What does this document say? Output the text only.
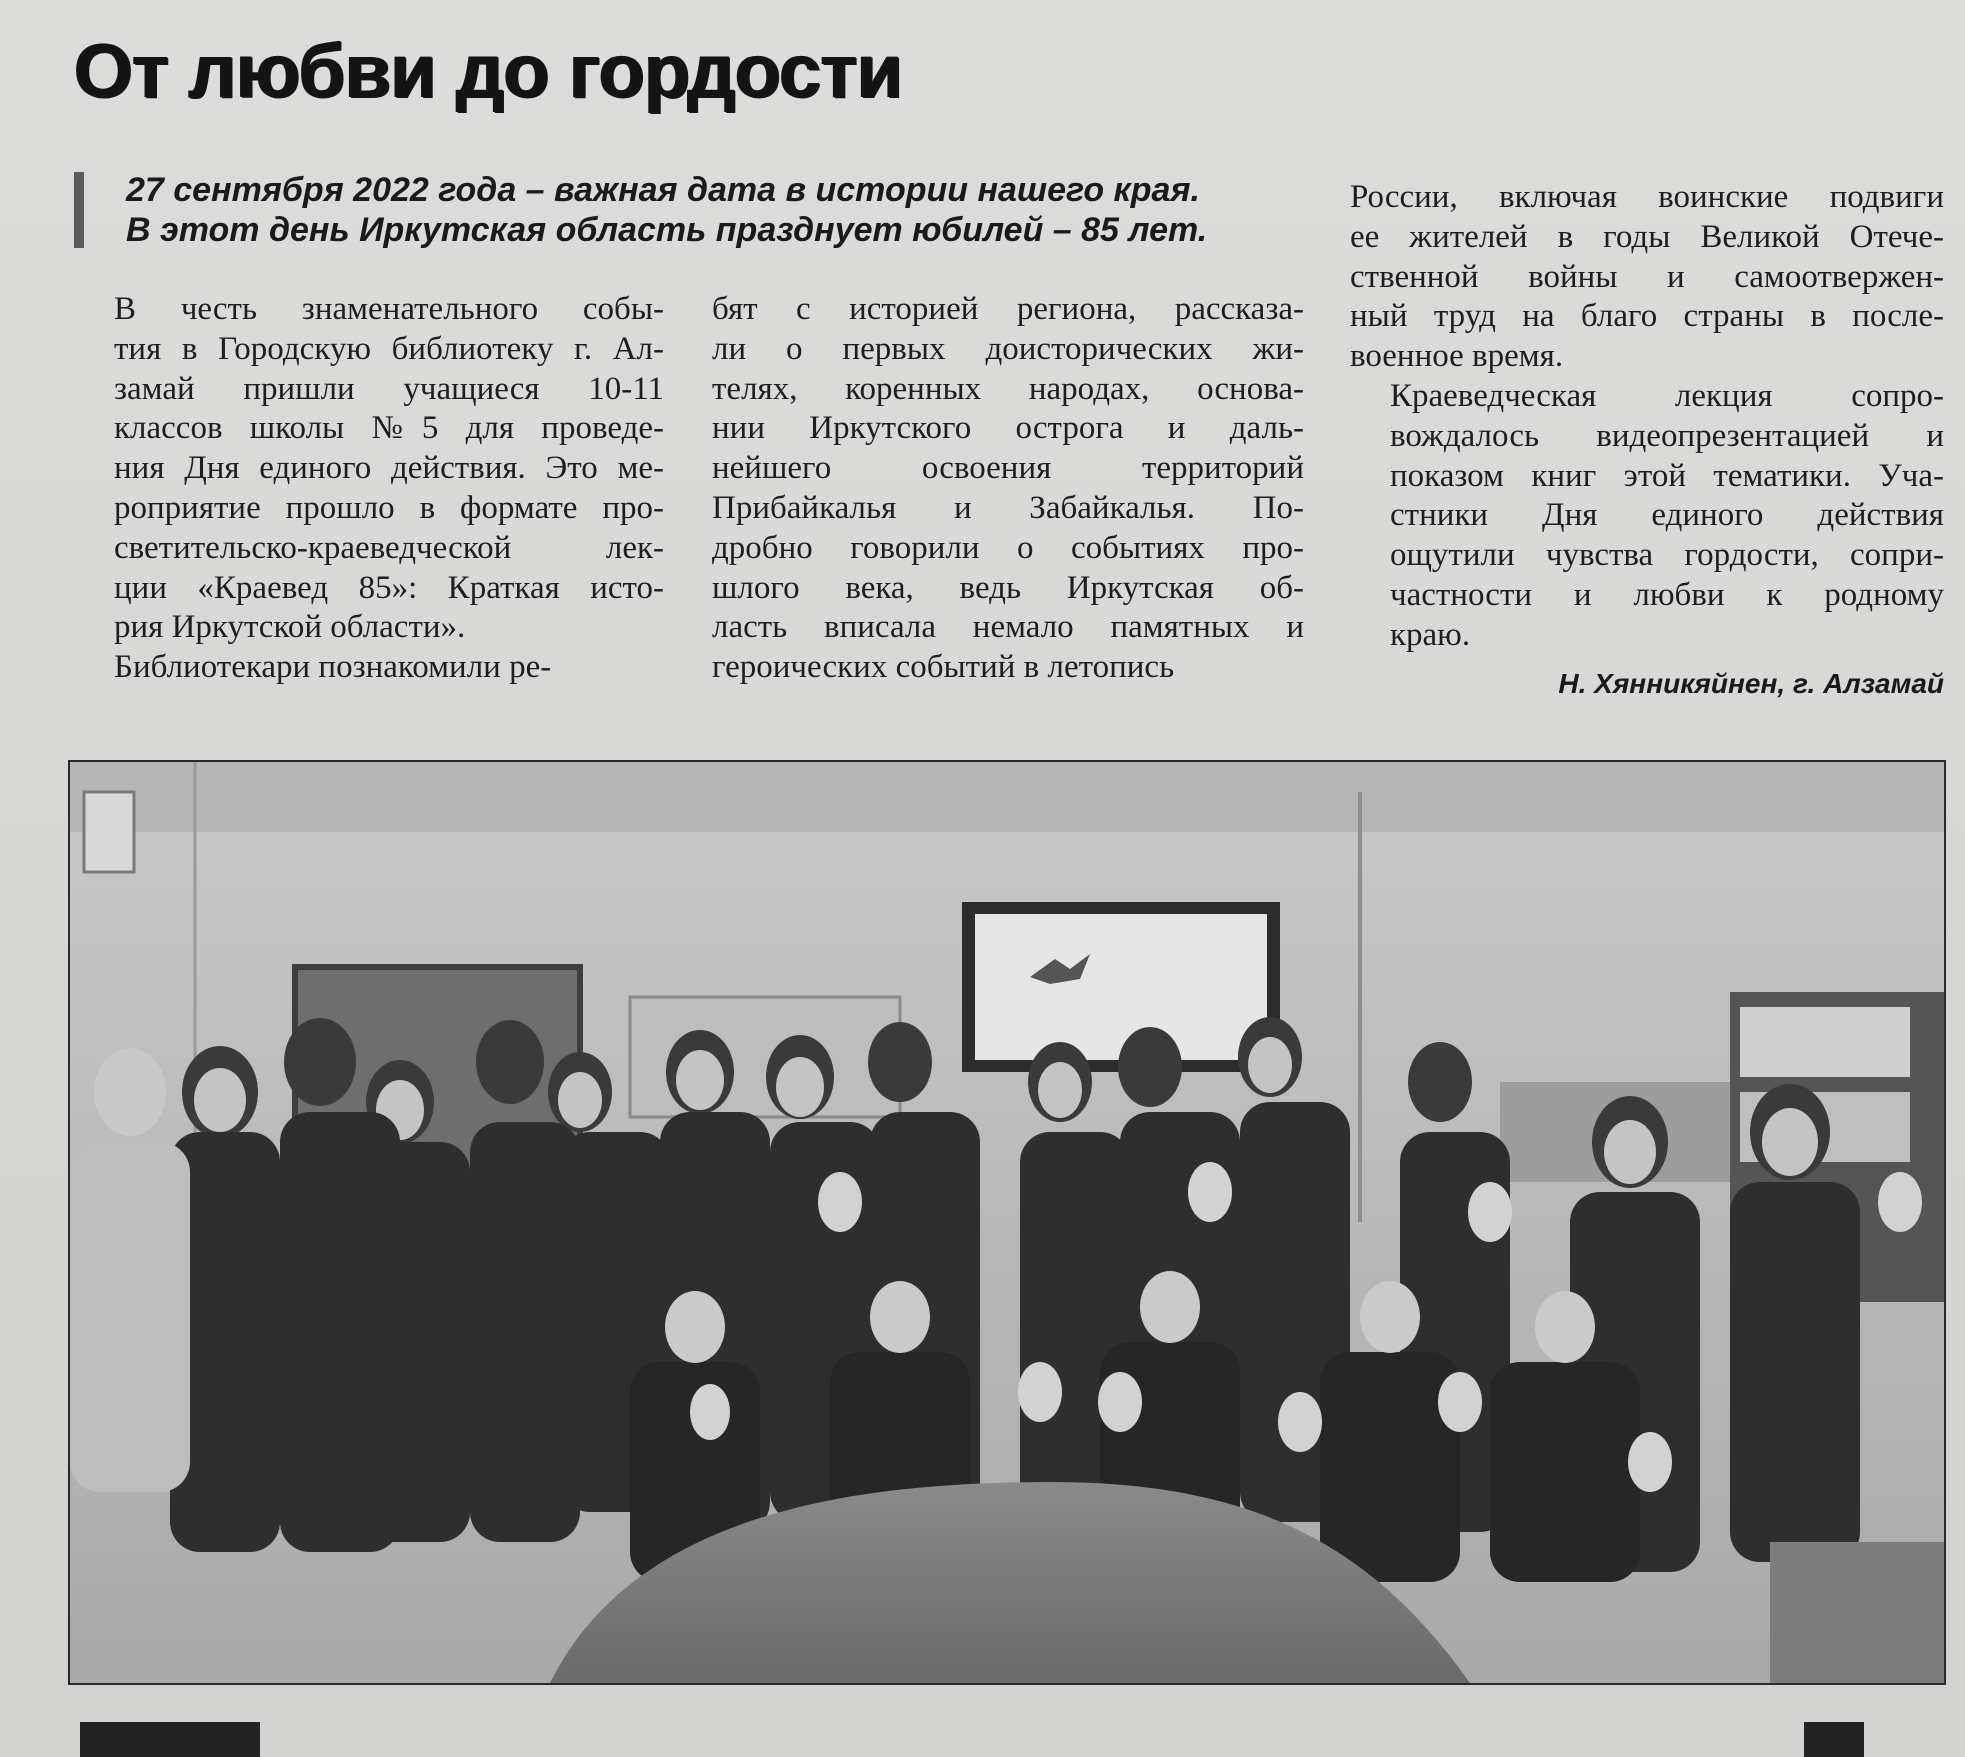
От любви до гордости
27 сентября 2022 года – важная дата в истории нашего края.
В этот день Иркутская область празднует юбилей – 85 лет.

В честь знаменательного собы-
тия в Городскую библиотеку г. Ал-
замай пришли учащиеся 10-11
классов школы №5 для проведе-
ния Дня единого действия. Это ме-
роприятие прошло в формате про-
светительско-краеведческой лек-
ции «Краевед 85»: Краткая исто-
рия Иркутской области».

Библиотекари познакомили ре-

бят с историей региона, рассказа-
ли о первых доисторических жи-
телях, коренных народах, основа-
нии Иркутского острога и даль-
нейшего освоения территорий
Прибайкалья и Забайкалья. По-
дробно говорили о событиях про-
шлого века, ведь Иркутская об-
ласть вписала немало памятных и
героических событий в летопись

России, включая воинские подвиги
ее жителей в годы Великой Отече-
ственной войны и самоотвержен-
ный труд на благо страны в после-
военное время.

Краеведческая лекция сопро-
вождалось видеопрезентацией и
показом книг этой тематики. Уча-
стники Дня единого действия
ощутили чувства гордости, сопри-
частности и любви к родному
краю.

Н. Хянникяйнен, г. Алзамай
